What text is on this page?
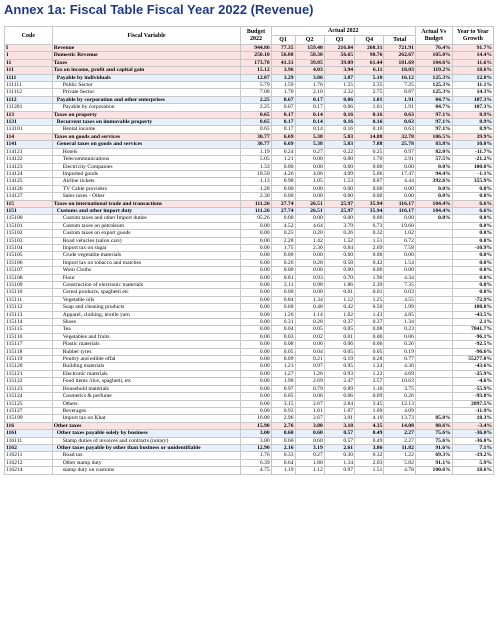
Annex 1a: Fiscal Table Fiscal Year 2022 (Revenue)
Code	Fiscal Variable	Budget 2022	Actual 2022					Actual Vs Budget	Year to Year Growth
			Q1	Q2	Q3	Q4	Total		
I	Revenue	944.86	77.35	159.40	216.84	268.31	721.91	76.4%	91.7%
1	Domestic Revenue	250.10	56.88	58.38	56.65	90.76	262.67	105.0%	14.4%
11	Taxes	173.70	41.31	39.85	39.09	61.44	181.69	104.6%	11.6%
111	Tax on income, profit and capital gain	15.12	3.96	4.03	3.94	6.11	18.03	119.2%	18.6%
1111	Payable by individuals	12.87	3.29	3.86	3.87	5.10	16.12	125.3%	12.8%
111111	Public Sector	5.79	1.59	1.76	1.55	2.35	7.25	125.3%	11.1%
111112	Private Sector	7.08	1.70	2.10	2.32	2.75	8.87	125.3%	14.3%
1112	Payable by corporation and other enterprises	2.25	0.67	0.17	0.06	1.01	1.91	84.7%	107.3%
111201	Payable by corporation	2.25	0.67	0.17	0.06	1.01	1.91	84.7%	107.3%
113	Taxes on property	0.65	0.17	0.14	0.16	0.16	0.63	97.1%	8.9%
1131	Recurrent taxes on immovable property	0.65	0.17	0.14	0.16	0.16	0.63	97.1%	8.9%
113101	Rental income	0.65	0.17	0.14	0.16	0.16	0.63	97.1%	8.9%
114	Taxes on goods and services	30.77	6.69	5.38	5.83	14.88	32.78	106.5%	39.9%
1141	General taxes on goods and services	30.77	6.69	5.38	5.83	7.88	25.78	83.8%	10.0%
114121	Hotels	1.19	0.24	0.27	0.22	0.25	0.97	82.0%	-11.7%
114122	Telecommunications	5.05	1.21	0.00	0.00	1.70	2.91	57.5%	-21.2%
114123	Electricity Companies	1.33	0.00	0.00	0.00	0.00	0.00	0.0%	100.0%
114124	Imported goods	18.50	4.26	4.06	4.09	5.06	17.47	94.4%	-1.1%
114125	Airline tickets	1.13	0.98	1.05	1.53	0.87	4.44	392.6%	355.9%
114126	TV Cable providers	1.28	0.00	0.00	0.00	0.00	0.00	0.0%	0.0%
114127	Sales taxes - Other	2.30	0.00	0.00	0.00	0.00	0.00	0.0%	0.0%
115	Taxes on international trade and transactions	111.26	27.74	26.51	25.97	35.94	116.17	104.4%	6.6%
1151	Customs and other import duty	111.26	27.74	26.51	25.97	35.94	116.17	104.4%	6.6%
115100	Custom taxes and other Import duties	95.26	0.00	0.00	0.00	0.00	0.00	0.0%	0.0%
115101	Custom taxes on petroleum	0.00	4.52	4.64	3.79	6.73	19.68		0.0%
115102	Custom taxes on export goods	0.00	0.25	0.20	0.26	0.32	1.02		0.0%
115103	Road vehicles (salon cars)	0.00	2.28	1.42	1.52	1.51	6.72		0.0%
115104	Import tax on sugar	0.00	1.75	2.30	0.84	2.69	7.58		-10.9%
115105	Crude vegetable materials	0.00	0.00	0.00	0.00	0.00	0.00		0.0%
115106	Import tax on tobacco and matches	0.00	0.26	0.28	0.58	0.42	1.54		0.0%
115107	Worn Cloths	0.00	0.00	0.00	0.00	0.00	0.00		0.0%
115108	Flour	0.00	0.81	0.93	0.70	1.90	4.34		0.0%
115109	Construction of electronic materials	0.00	2.11	0.98	1.86	2.39	7.35		0.0%
115110	Cereal products, spaghetti etc	0.00	0.00	0.00	0.01	0.01	0.03		0.0%
115111	Vegetable oils	0.00	0.84	1.34	1.12	1.25	4.55		-72.9%
115112	Soap and cleaning products	0.00	0.60	0.48	0.42	0.50	1.99		108.0%
115113	Apparel, clothing, textile yarn	0.00	1.26	1.14	1.02	1.43	4.85		-43.5%
115114	Shoes	0.00	0.31	0.28	0.37	0.37	1.34		2.1%
115115	Tea	0.00	0.04	0.05	0.05	0.08	0.23		7841.7%
115116	Vegetables and fruits	0.00	0.03	0.02	0.01	0.00	0.06		-96.1%
115117	Plastic materials	0.00	0.08	0.06	0.06	0.06	0.26		-92.5%
115118	Rubber tyres	0.00	0.05	0.04	0.05	0.05	0.19		-96.6%
115119	Poultry and edible offal	0.00	0.09	0.21	0.19	0.28	0.77		55277.0%
115120	Building materials	0.00	1.21	0.97	0.95	1.24	4.36		-43.6%
115121	Electronic materials	0.00	1.27	1.26	0.93	1.22	4.69		-25.9%
115122	Food items /rice, spaghetti, etc	0.00	1.90	2.69	2.47	3.57	10.63		-4.6%
115123	Household materials	0.00	0.97	0.79	0.89	1.10	3.75		-55.9%
115124	Cosmetics & perfume	0.00	0.05	0.06	0.06	0.09	0.26		-93.8%
115125	Others	0.00	3.15	2.67	2.84	3.45	12.13		2897.5%
115127	Beverages	0.00	0.93	1.01	1.07	1.09	4.09		-11.9%
115199	Import tax on Khat	16.00	2.96	2.67	3.91	4.19	13.73	85.8%	18.3%
116	Other taxes	15.90	2.76	3.80	3.18	4.35	14.08	88.6%	-3.4%
1161	Other taxes payable solely by business	3.00	0.60	0.60	0.57	0.49	2.27	75.6%	-36.0%
116111	Stamp duties of invoices and contracts (notary)	3.00	0.60	0.60	0.57	0.49	2.27	75.6%	-36.0%
1162	Other taxes payable by other than business or unidentifiable	12.90	2.16	3.19	2.61	3.86	11.82	91.6%	7.1%
116211	Road tax	1.76	0.33	0.27	0.30	0.32	1.22	69.3%	-19.2%
116212	Other stamp duty	6.39	0.64	1.80	1.34	2.03	5.82	91.1%	5.9%
116214	stamp duty on customs	4.75	1.19	1.12	0.97	1.51	4.78	100.6%	18.6%
